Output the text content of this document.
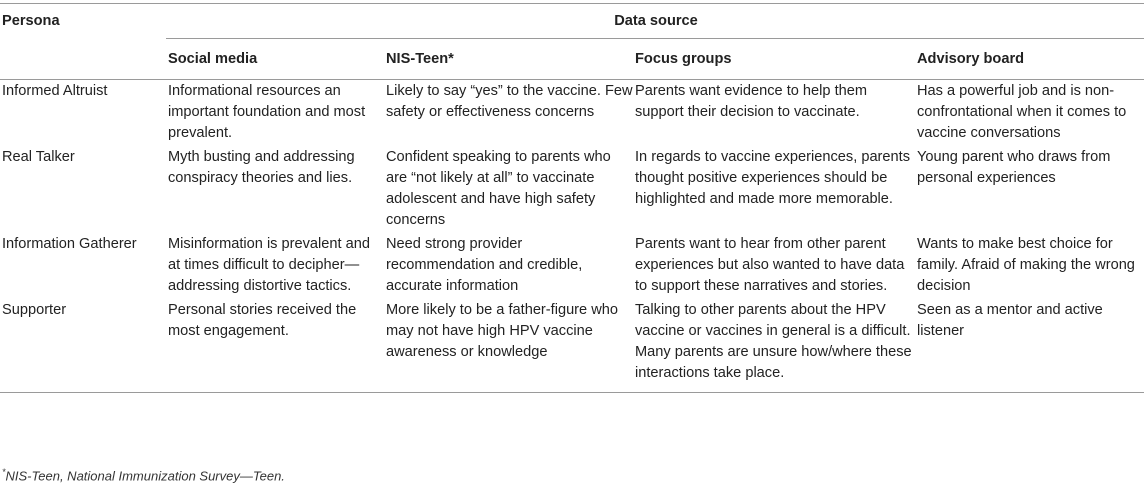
Persona	Data source			
	Social media	NIS-Teen*	Focus groups	Advisory board
Informed Altruist	Informational resources an important foundation and most prevalent.	Likely to say “yes” to the vaccine. Few safety or effectiveness concerns	Parents want evidence to help them support their decision to vaccinate.	Has a powerful job and is non-confrontational when it comes to vaccine conversations
Real Talker	Myth busting and addressing conspiracy theories and lies.	Confident speaking to parents who are “not likely at all” to vaccinate adolescent and have high safety concerns	In regards to vaccine experiences, parents thought positive experiences should be highlighted and made more memorable.	Young parent who draws from personal experiences
Information Gatherer	Misinformation is prevalent and at times difficult to decipher—addressing distortive tactics.	Need strong provider recommendation and credible, accurate information	Parents want to hear from other parent experiences but also wanted to have data to support these narratives and stories.	Wants to make best choice for family. Afraid of making the wrong decision
Supporter	Personal stories received the most engagement.	More likely to be a father-figure who may not have high HPV vaccine awareness or knowledge	Talking to other parents about the HPV vaccine or vaccines in general is a difficult. Many parents are unsure how/where these interactions take place.	Seen as a mentor and active listener
*NIS-Teen, National Immunization Survey—Teen.
